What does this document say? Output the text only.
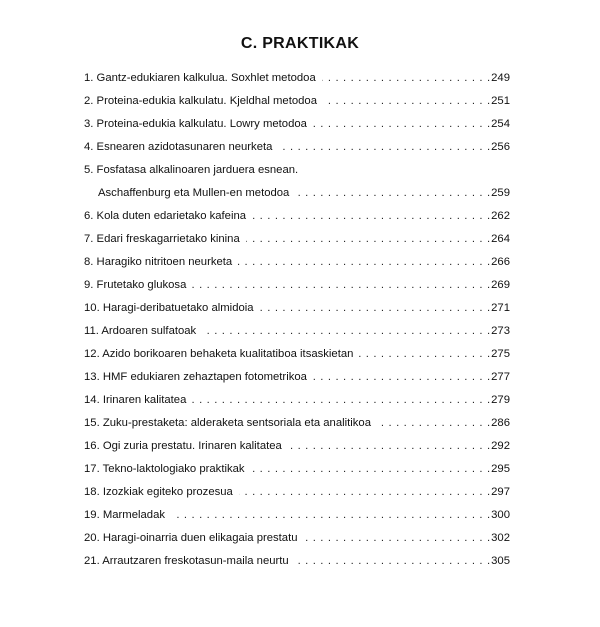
C. PRAKTIKAK
1. Gantz-edukiaren kalkulua. Soxhlet metodoa . . .	249
2. Proteina-edukia kalkulatu. Kjeldhal metodoa . . .	251
3. Proteina-edukia kalkulatu. Lowry metodoa . . .	254
4. Esnearen azidotasunaren neurketa . . .	256
5. Fosfatasa alkalinoaren jarduera esnean.
Aschaffenburg eta Mullen-en metodoa . . .	259
6. Kola duten edarietako kafeina . . .	262
7. Edari freskagarrietako kinina . . .	264
8. Haragiko nitritoen neurketa . . .	266
9. Frutetako glukosa . . .	269
10. Haragi-deribatuetako almidoia . . .	271
11. Ardoaren sulfatoak . . .	273
12. Azido borikoaren behaketa kualitatiboa itsaskietan . . .	275
13. HMF edukiaren zehaztapen fotometrikoa . . .	277
14. Irinaren kalitatea . . .	279
15. Zuku-prestaketa: alderaketa sentsoriala eta analitikoa . . .	286
16. Ogi zuria prestatu. Irinaren kalitatea . . .	292
17. Tekno-laktologiako praktikak . . .	295
18. Izozkiak egiteko prozesua . . .	297
19. Marmeladak . . .	300
20. Haragi-oinarria duen elikagaia prestatu . . .	302
21. Arrautzaren freskotasun-maila neurtu . . .	305
